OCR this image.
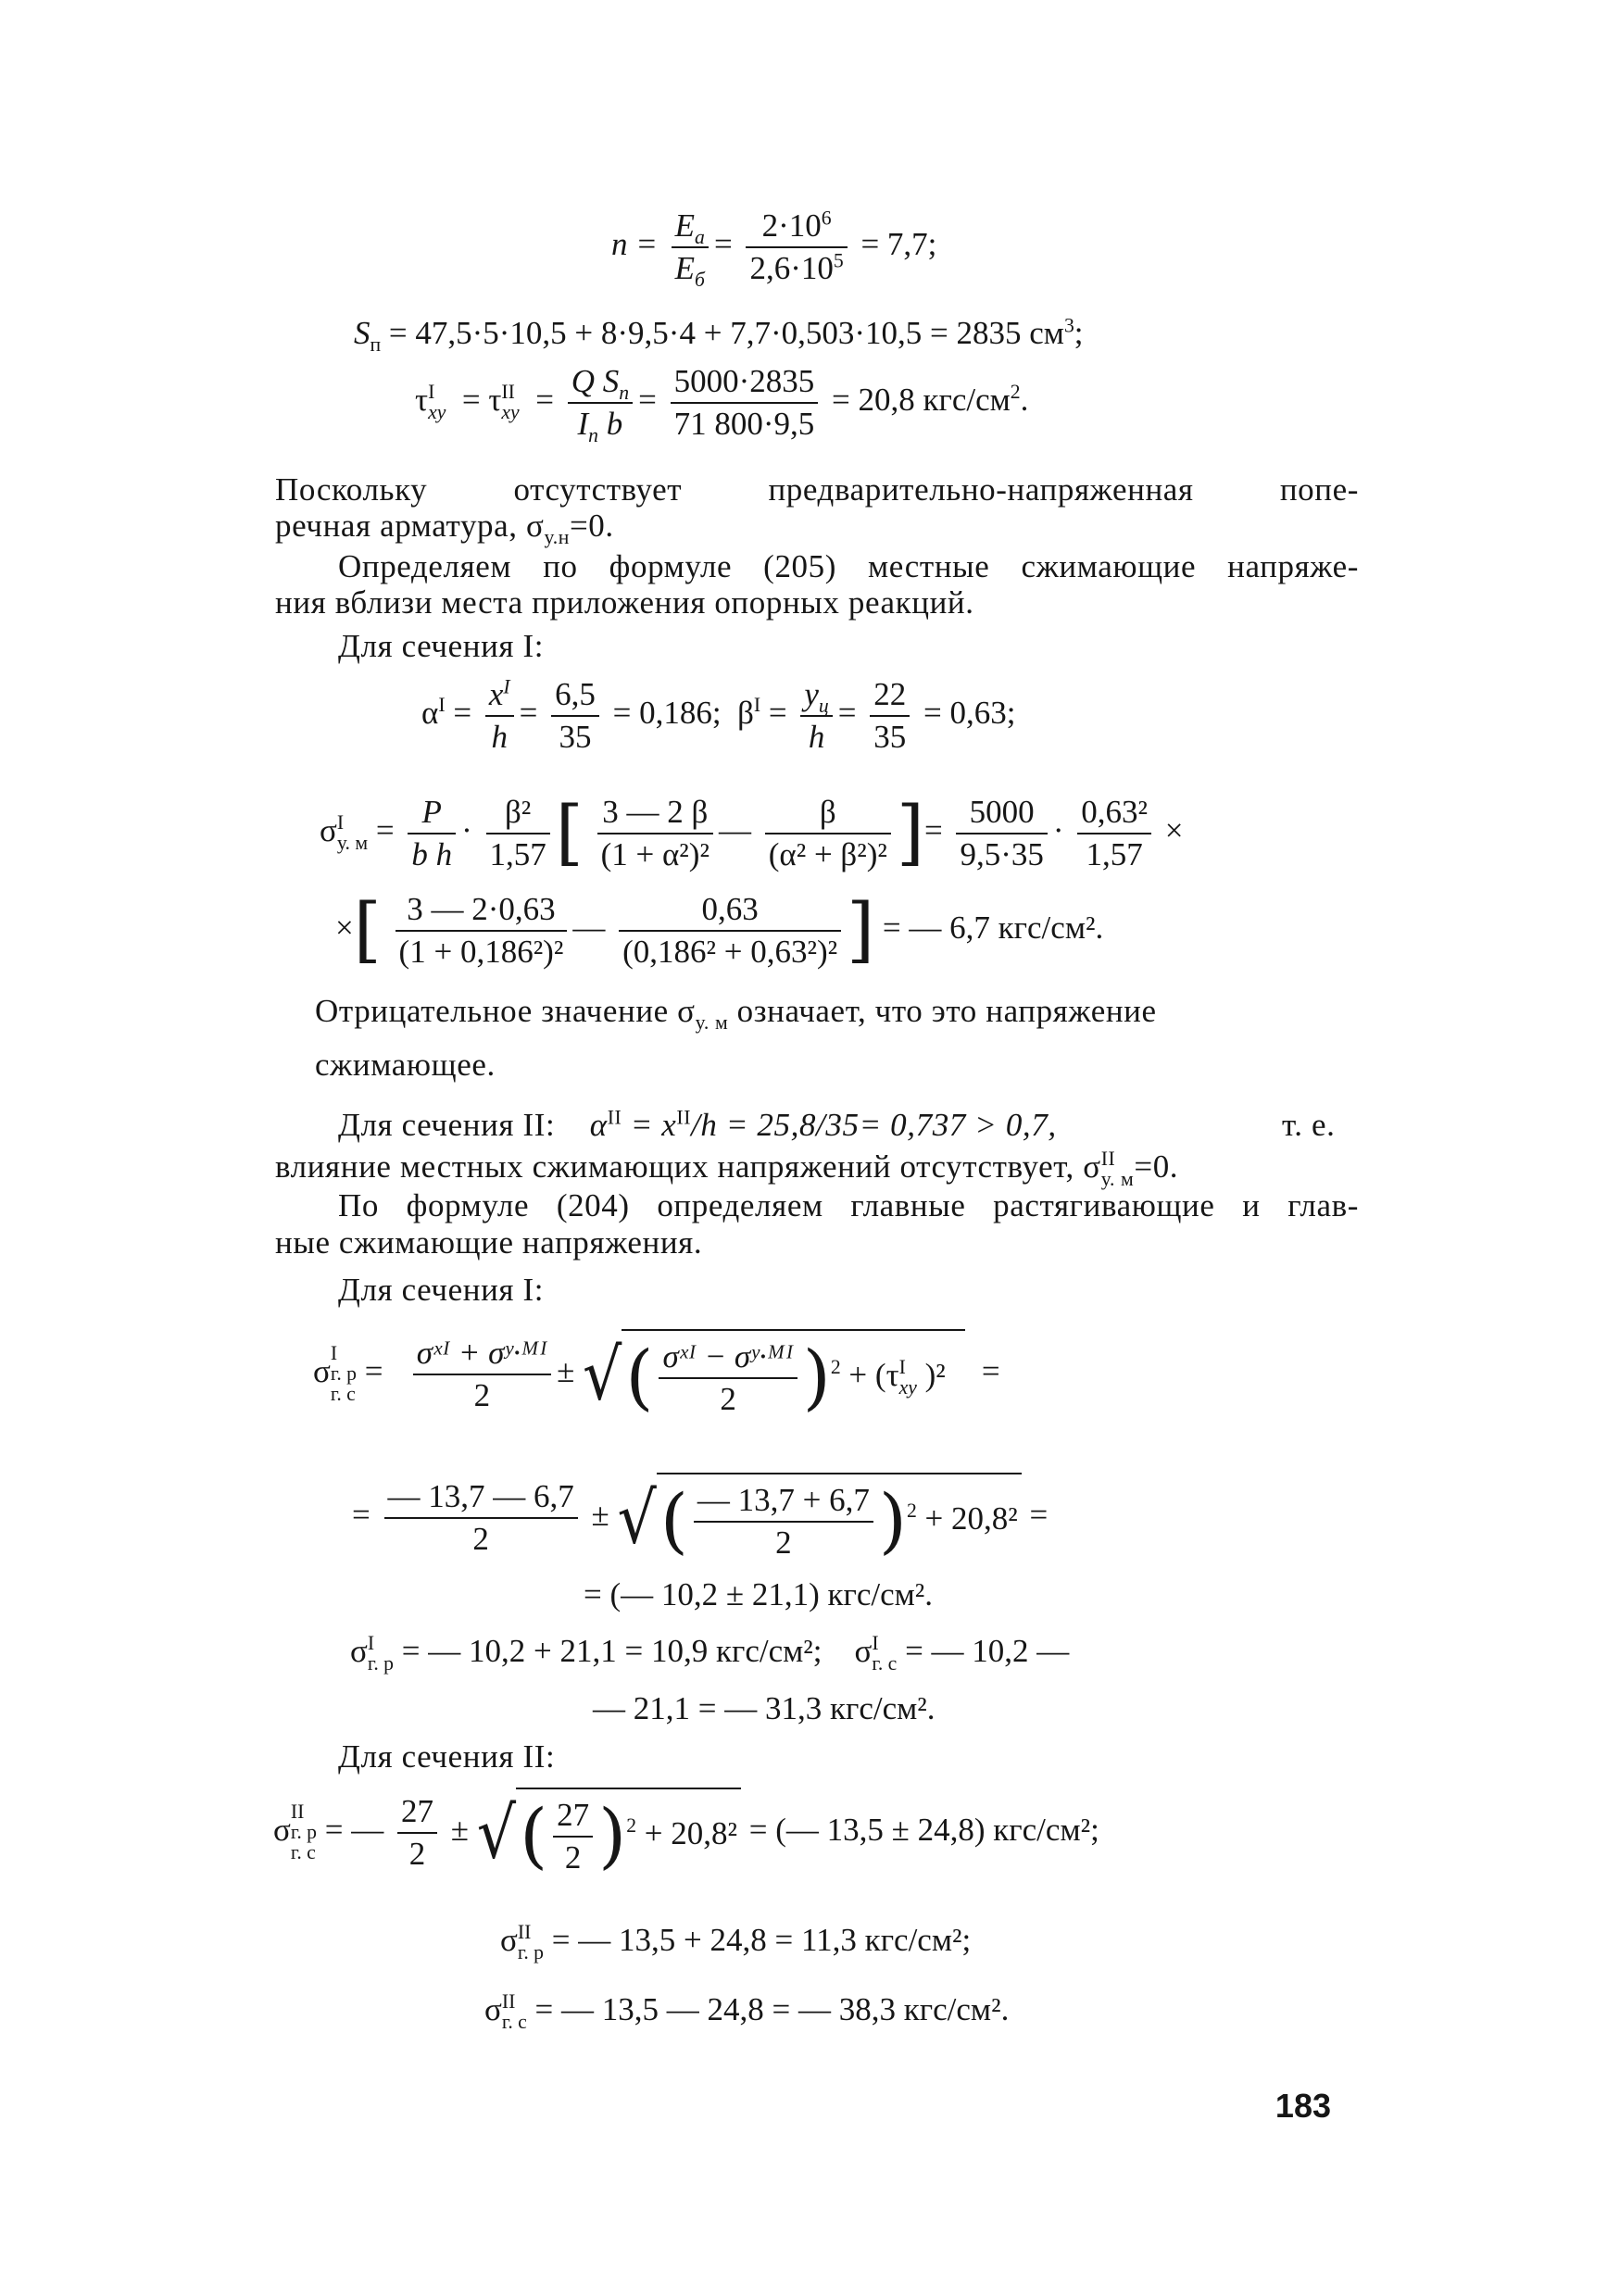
$n = \frac{E_а}{E_б} = \frac{2\cdot 10^6}{2,6\cdot 10^5} = 7,7$;
$S_п = 47,5\cdot 5\cdot 10,5 + 8\cdot 9,5\cdot 4 + 7,7\cdot 0,503\cdot 10,5 = 2835$ $см^3$;
τI
xy  = τII
xy  = $\frac{Q S_п}{I_п b} = \frac{5000\cdot 2835}{71 800\cdot 9,5} = 20,8$ кгс/$см^2$.
Поскольку отсутствует предварительно-напряженная попе-
речная арматура, $\sigma_{у.н}=0$.
Определяем по формуле (205) местные сжимающие напряже-
ния вблизи места приложения опорных реакций.
Для сечения I:
$\alpha^I = \frac{x^I}{h} = \frac{6,5}{35} = 0,186$; $\beta^I = \frac{y_ц}{h} = \frac{22}{35} = 0,63$;
σI
у. $м = \frac{P}{\text{b h}} \cdot \frac{\text{β²}}{1,57}$ [ $\frac{3 — 2 \beta}{\text{(1 + α²)²}}$ — $\frac{\beta}{\text{(α² + β²)²}}$ ]= $\frac{5000}{9,5\cdot 35} \cdot \frac{\text{0,63²}}{1,57}$ ×
×[ $\frac{3 — 2\cdot 0,63}{\text{(1 + 0,186²)²}}$ — $\frac{0,63}{\text{(0,186² + 0,63²)²}}$ ] = — 6,7 кгс/см².
Отрицательное значение $\sigma_{у. м}$ означает, что это напряжение
сжимающее.
Для сечения II: $\alpha^{II} = x^{II}/h = 25,8/35= 0,737 > 0,7$,	т. е.
влияние местных сжимающих напряжений отсутствует, σII
у. м=0.
По формуле (204) определяем главные растягивающие и глав-
ные сжимающие напряжения.
Для сечения I:
σI
г. р
г. $с = \frac{\text{σˣᴵ + σʸ·ᴹᴵ}}{2}$ ± √( $\frac{\text{σˣᴵ − σʸ·ᴹᴵ}}{2} )^2 + (\tau I$
xy )²    =
= $\frac{— 13,7 — 6,7}{2}$ ± √( $\frac{— 13,7 + 6,7}{2} )^2 + 20,8^2$ =
= (— 10,2 ± 21,1) кгс/см².
σI
г. р = — 10,2 + 21,1 = 10,9 кгс/см²; σI
г. с = — 10,2 —
— 21,1 = — 31,3 кгс/см².
Для сечения II:
σII
г. р
г. с = — $\frac{27}{2}$ ± √( $\frac{27}{2} )^2 + 20,8^2$ = (— 13,5 ± 24,8) кгс/см²;
σII
г. р = — 13,5 + 24,8 = 11,3 кгс/см²;
σII
г. с = — 13,5 — 24,8 = — 38,3 кгс/см².
183
